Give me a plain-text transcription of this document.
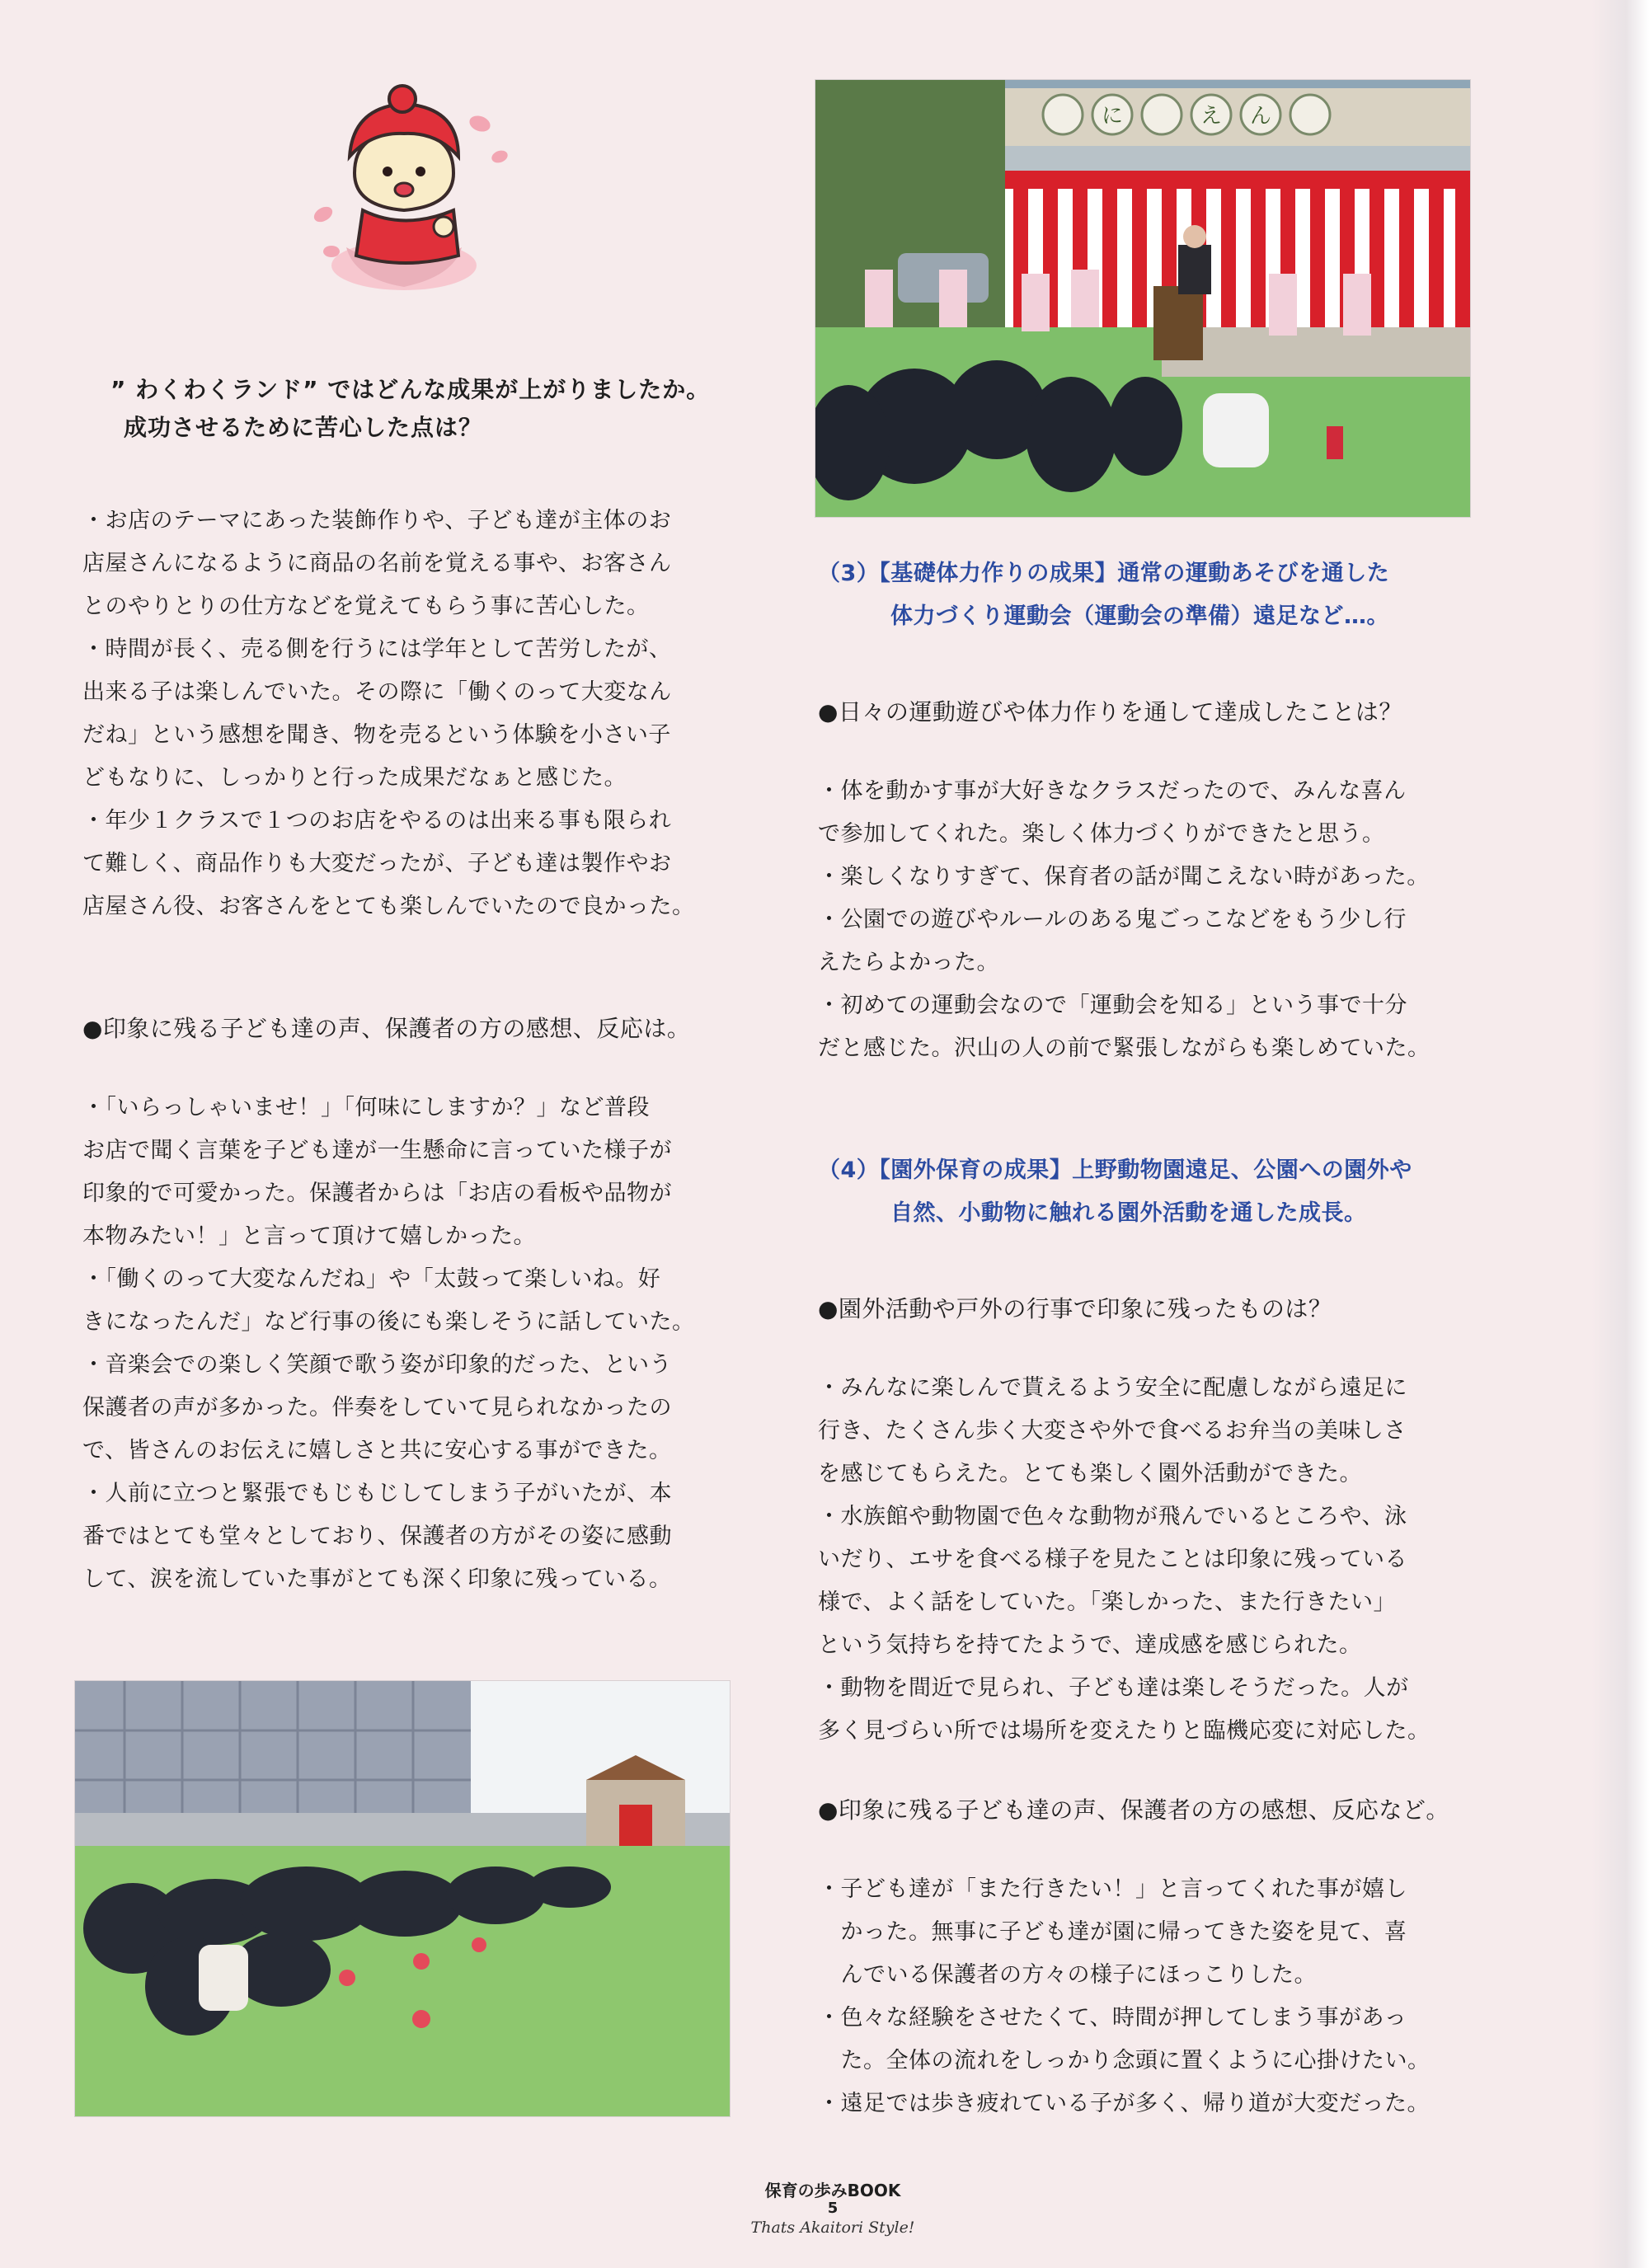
” わくわくランド” ではどんな成果が上がりましたか。
成功させるために苦心した点は？

・お店のテーマにあった装飾作りや、子ども達が主体のお
店屋さんになるように商品の名前を覚える事や、お客さん
とのやりとりの仕方などを覚えてもらう事に苦心した。
・時間が長く、売る側を行うには学年として苦労したが、
出来る子は楽しんでいた。その際に「働くのって大変なん
だね」という感想を聞き、物を売るという体験を小さい子
どもなりに、しっかりと行った成果だなぁと感じた。
・年少１クラスで１つのお店をやるのは出来る事も限られ
て難しく、商品作りも大変だったが、子ども達は製作やお
店屋さん役、お客さんをとても楽しんでいたので良かった。

●印象に残る子ども達の声、保護者の方の感想、反応は。

・「いらっしゃいませ！」「何味にしますか？」など普段
お店で聞く言葉を子ども達が一生懸命に言っていた様子が
印象的で可愛かった。保護者からは「お店の看板や品物が
本物みたい！」と言って頂けて嬉しかった。
・「働くのって大変なんだね」や「太鼓って楽しいね。好
きになったんだ」など行事の後にも楽しそうに話していた。
・音楽会での楽しく笑顔で歌う姿が印象的だった、という
保護者の声が多かった。伴奏をしていて見られなかったの
で、皆さんのお伝えに嬉しさと共に安心する事ができた。
・人前に立つと緊張でもじもじしてしまう子がいたが、本
番ではとても堂々としており、保護者の方がその姿に感動
して、涙を流していた事がとても深く印象に残っている。

に	え ん

（3）【基礎体力作りの成果】通常の運動あそびを通した
体力づくり運動会（運動会の準備）遠足など…。

●日々の運動遊びや体力作りを通して達成したことは？

・体を動かす事が大好きなクラスだったので、みんな喜ん
で参加してくれた。楽しく体力づくりができたと思う。
・楽しくなりすぎて、保育者の話が聞こえない時があった。
・公園での遊びやルールのある鬼ごっこなどをもう少し行
えたらよかった。
・初めての運動会なので「運動会を知る」という事で十分
だと感じた。沢山の人の前で緊張しながらも楽しめていた。

（4）【園外保育の成果】上野動物園遠足、公園への園外や
自然、小動物に触れる園外活動を通した成長。

●園外活動や戸外の行事で印象に残ったものは？

・みんなに楽しんで貰えるよう安全に配慮しながら遠足に
行き、たくさん歩く大変さや外で食べるお弁当の美味しさ
を感じてもらえた。とても楽しく園外活動ができた。
・水族館や動物園で色々な動物が飛んでいるところや、泳
いだり、エサを食べる様子を見たことは印象に残っている
様で、よく話をしていた。「楽しかった、また行きたい」
という気持ちを持てたようで、達成感を感じられた。
・動物を間近で見られ、子ども達は楽しそうだった。人が
多く見づらい所では場所を変えたりと臨機応変に対応した。

●印象に残る子ども達の声、保護者の方の感想、反応など。

・子ども達が「また行きたい！」と言ってくれた事が嬉し
　かった。無事に子ども達が園に帰ってきた姿を見て、喜
　んでいる保護者の方々の様子にほっこりした。
・色々な経験をさせたくて、時間が押してしまう事があっ
　た。全体の流れをしっかり念頭に置くように心掛けたい。
・遠足では歩き疲れている子が多く、帰り道が大変だった。

保育の歩みBOOK
5
Thats Akaitori Style!
